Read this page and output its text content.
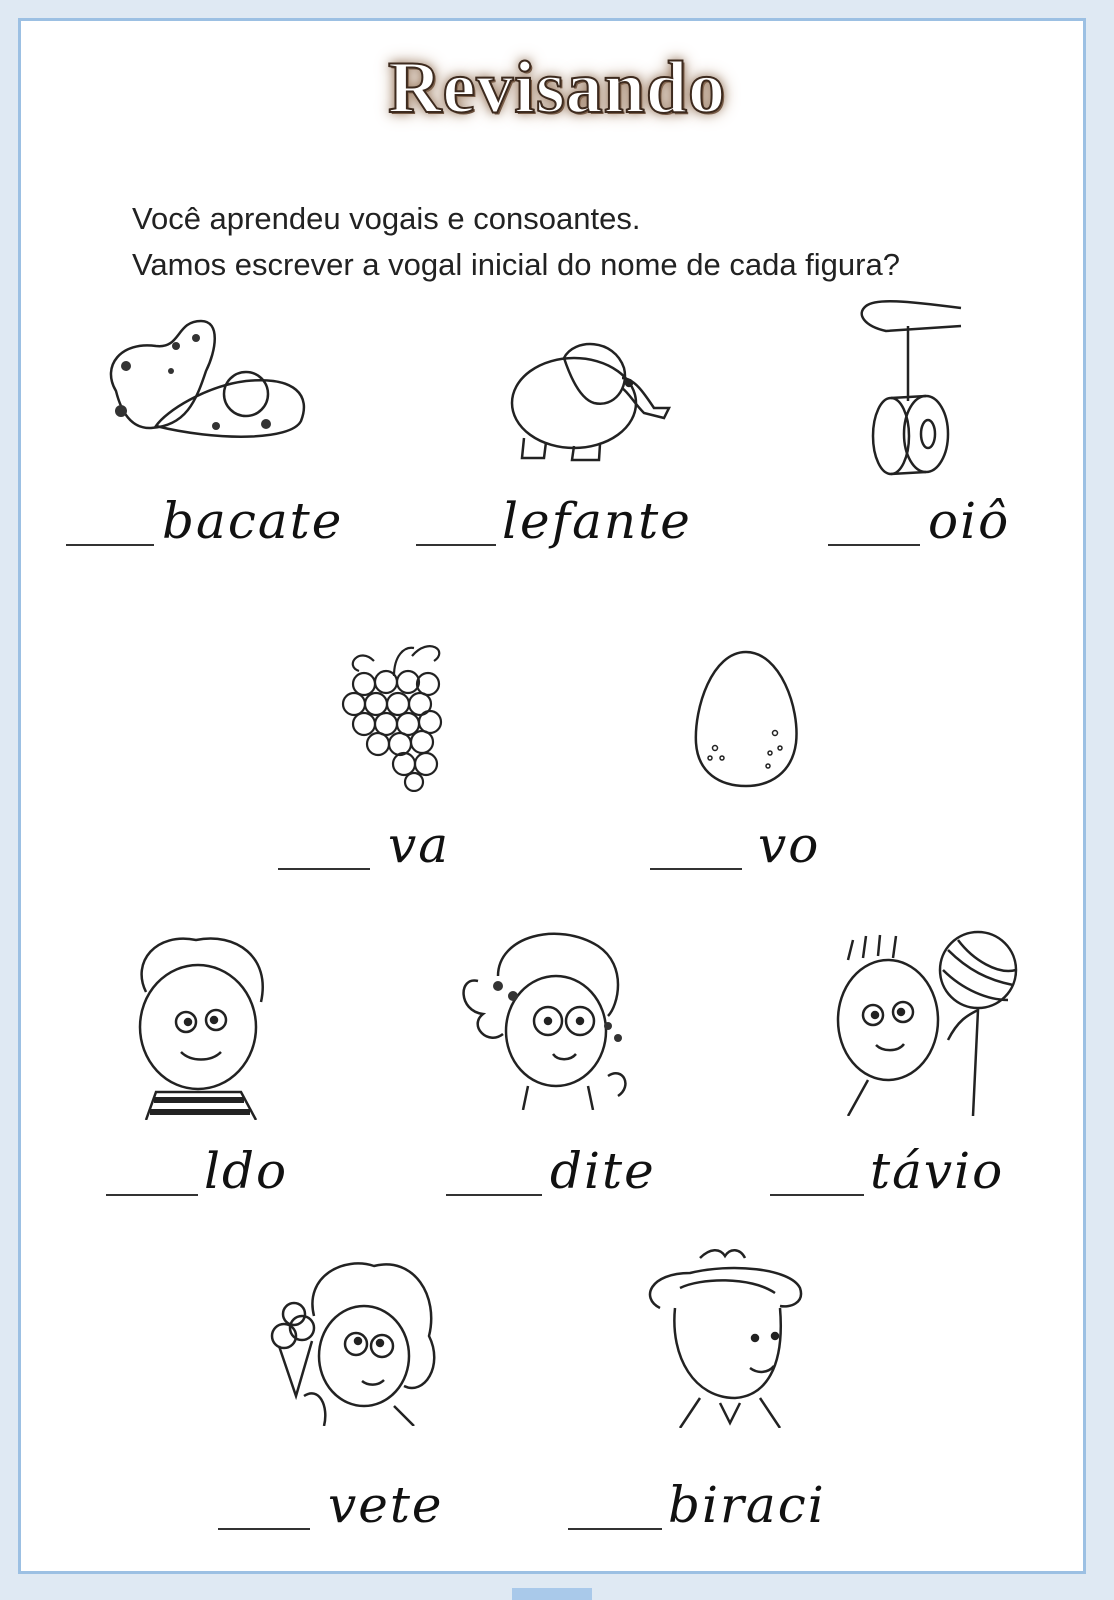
Revisando
Você aprendeu vogais e consoantes.
Vamos escrever a vogal inicial do nome de cada figura?
bacate	lefante	oiô
va	vo
ldo	dite	távio
vete	biraci
